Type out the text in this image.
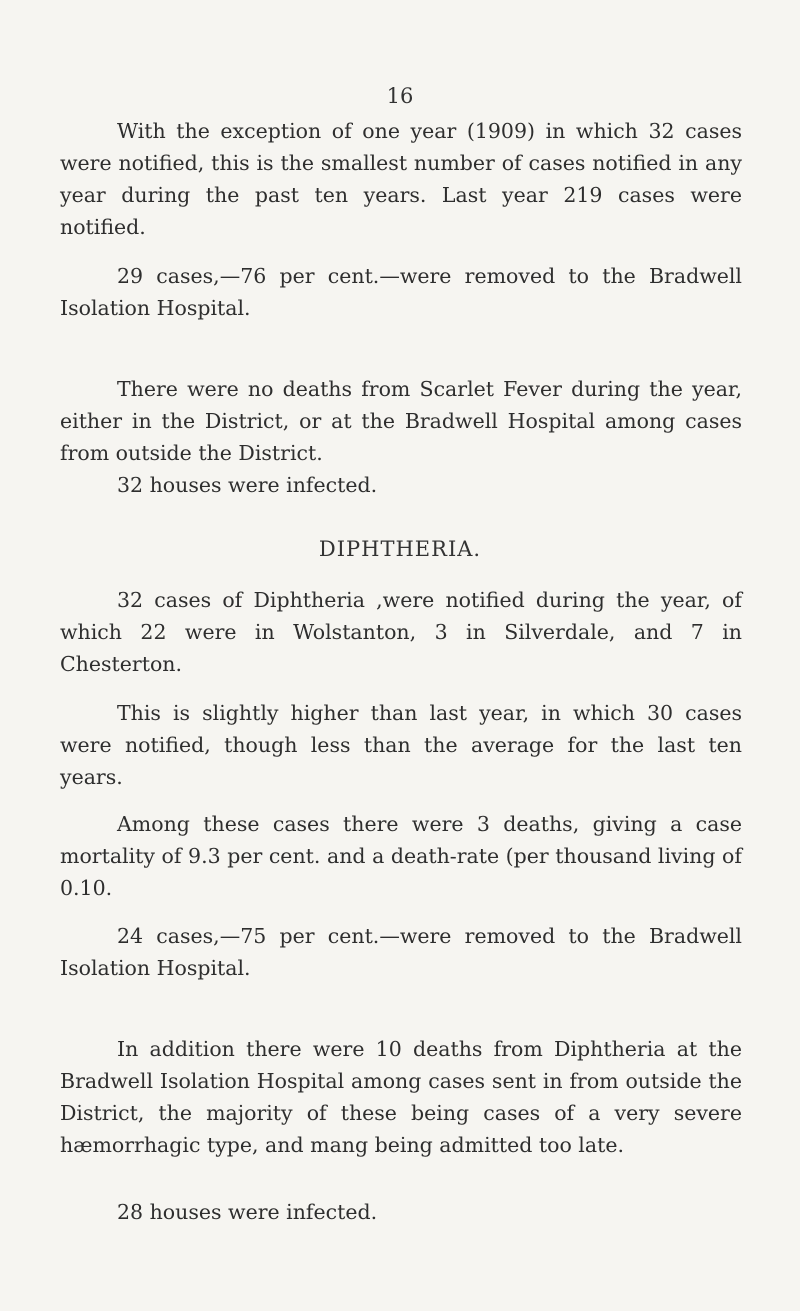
16

With the exception of one year (1909) in which 32 cases were notified, this is the smallest number of cases notified in any year during the past ten years. Last year 219 cases were notified.

29 cases,—76 per cent.—were removed to the Bradwell Isolation Hospital.

There were no deaths from Scarlet Fever during the year, either in the District, or at the Bradwell Hospital among cases from outside the District.

32 houses were infected.

DIPHTHERIA.

32 cases of Diphtheria ,were notified during the year, of which 22 were in Wolstanton, 3 in Silverdale, and 7 in Chesterton.

This is slightly higher than last year, in which 30 cases were notified, though less than the average for the last ten years.

Among these cases there were 3 deaths, giving a case mortality of 9.3 per cent. and a death-rate (per thousand living of 0.10.

24 cases,—75 per cent.—were removed to the Bradwell Isolation Hospital.

In addition there were 10 deaths from Diphtheria at the Bradwell Isolation Hospital among cases sent in from outside the District, the majority of these being cases of a very severe hæmorrhagic type, and mang being admitted too late.

28 houses were infected.
